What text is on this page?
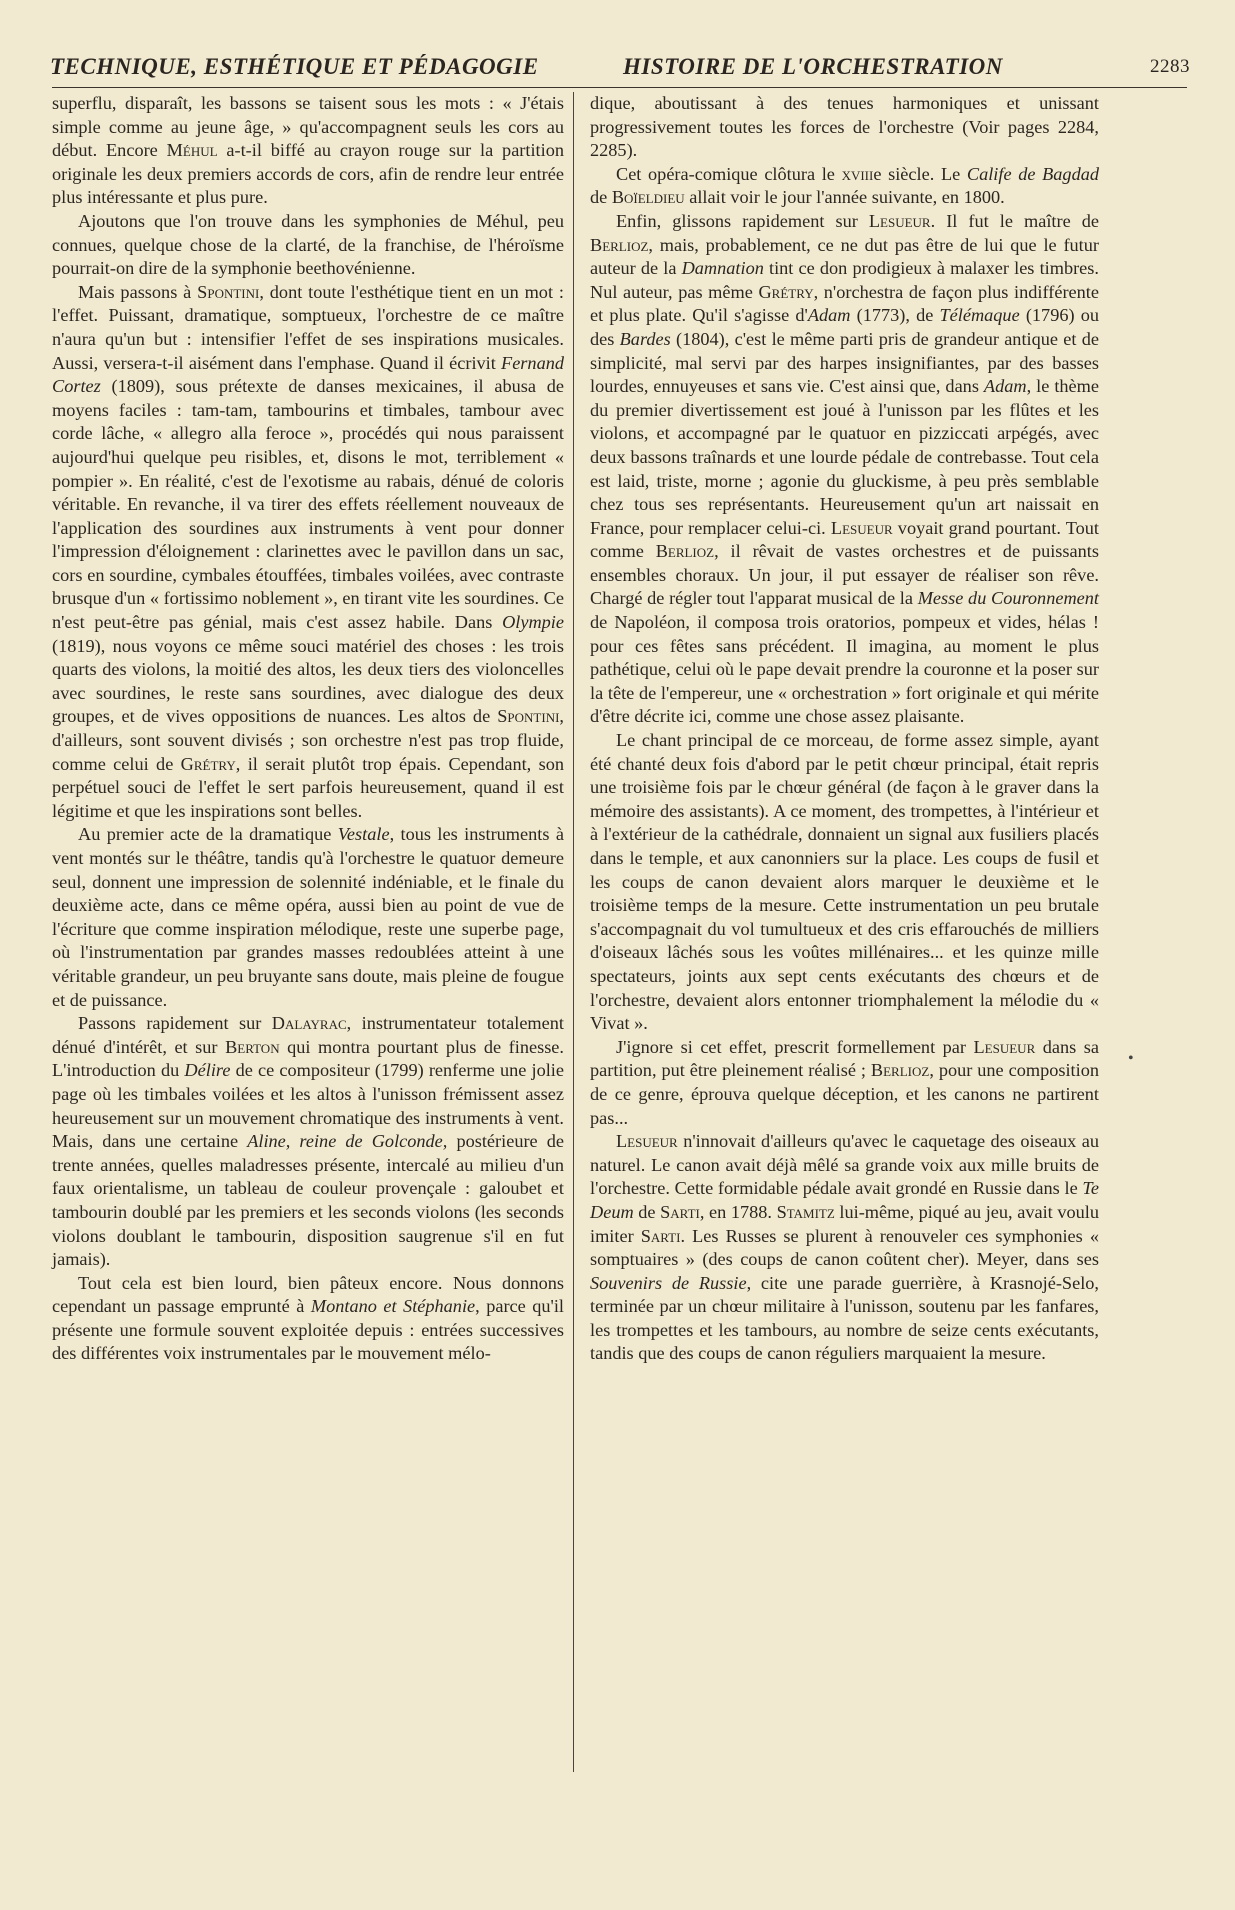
TECHNIQUE, ESTHÉTIQUE ET PÉDAGOGIE	HISTOIRE DE L'ORCHESTRATION	2283

superflu, disparaît, les bassons se taisent sous les mots : « J'étais simple comme au jeune âge, » qu'accompagnent seuls les cors au début. Encore Méhul a-t-il biffé au crayon rouge sur la partition originale les deux premiers accords de cors, afin de rendre leur entrée plus intéressante et plus pure.

Ajoutons que l'on trouve dans les symphonies de Méhul, peu connues, quelque chose de la clarté, de la franchise, de l'héroïsme pourrait-on dire de la symphonie beethovénienne.

Mais passons à Spontini, dont toute l'esthétique tient en un mot : l'effet. Puissant, dramatique, somptueux, l'orchestre de ce maître n'aura qu'un but : intensifier l'effet de ses inspirations musicales. Aussi, versera-t-il aisément dans l'emphase. Quand il écrivit Fernand Cortez (1809), sous prétexte de danses mexicaines, il abusa de moyens faciles : tam-tam, tambourins et timbales, tambour avec corde lâche, « allegro alla feroce », procédés qui nous paraissent aujourd'hui quelque peu risibles, et, disons le mot, terriblement « pompier ». En réalité, c'est de l'exotisme au rabais, dénué de coloris véritable. En revanche, il va tirer des effets réellement nouveaux de l'application des sourdines aux instruments à vent pour donner l'impression d'éloignement : clarinettes avec le pavillon dans un sac, cors en sourdine, cymbales étouffées, timbales voilées, avec contraste brusque d'un « fortissimo noblement », en tirant vite les sourdines. Ce n'est peut-être pas génial, mais c'est assez habile. Dans Olympie (1819), nous voyons ce même souci matériel des choses : les trois quarts des violons, la moitié des altos, les deux tiers des violoncelles avec sourdines, le reste sans sourdines, avec dialogue des deux groupes, et de vives oppositions de nuances. Les altos de Spontini, d'ailleurs, sont souvent divisés ; son orchestre n'est pas trop fluide, comme celui de Grétry, il serait plutôt trop épais. Cependant, son perpétuel souci de l'effet le sert parfois heureusement, quand il est légitime et que les inspirations sont belles.

Au premier acte de la dramatique Vestale, tous les instruments à vent montés sur le théâtre, tandis qu'à l'orchestre le quatuor demeure seul, donnent une impression de solennité indéniable, et le finale du deuxième acte, dans ce même opéra, aussi bien au point de vue de l'écriture que comme inspiration mélodique, reste une superbe page, où l'instrumentation par grandes masses redoublées atteint à une véritable grandeur, un peu bruyante sans doute, mais pleine de fougue et de puissance.

Passons rapidement sur Dalayrac, instrumentateur totalement dénué d'intérêt, et sur Berton qui montra pourtant plus de finesse. L'introduction du Délire de ce compositeur (1799) renferme une jolie page où les timbales voilées et les altos à l'unisson frémissent assez heureusement sur un mouvement chromatique des instruments à vent. Mais, dans une certaine Aline, reine de Golconde, postérieure de trente années, quelles maladresses présente, intercalé au milieu d'un faux orientalisme, un tableau de couleur provençale : galoubet et tambourin doublé par les premiers et les seconds violons (les seconds violons doublant le tambourin, disposition saugrenue s'il en fut jamais).

Tout cela est bien lourd, bien pâteux encore. Nous donnons cependant un passage emprunté à Montano et Stéphanie, parce qu'il présente une formule souvent exploitée depuis : entrées successives des différentes voix instrumentales par le mouvement mélo-

dique, aboutissant à des tenues harmoniques et unissant progressivement toutes les forces de l'orchestre (Voir pages 2284, 2285).

Cet opéra-comique clôtura le xviiie siècle. Le Calife de Bagdad de Boïeldieu allait voir le jour l'année suivante, en 1800.

Enfin, glissons rapidement sur Lesueur. Il fut le maître de Berlioz, mais, probablement, ce ne dut pas être de lui que le futur auteur de la Damnation tint ce don prodigieux à malaxer les timbres. Nul auteur, pas même Grétry, n'orchestra de façon plus indifférente et plus plate. Qu'il s'agisse d'Adam (1773), de Télémaque (1796) ou des Bardes (1804), c'est le même parti pris de grandeur antique et de simplicité, mal servi par des harpes insignifiantes, par des basses lourdes, ennuyeuses et sans vie. C'est ainsi que, dans Adam, le thème du premier divertissement est joué à l'unisson par les flûtes et les violons, et accompagné par le quatuor en pizziccati arpégés, avec deux bassons traînards et une lourde pédale de contrebasse. Tout cela est laid, triste, morne ; agonie du gluckisme, à peu près semblable chez tous ses représentants. Heureusement qu'un art naissait en France, pour remplacer celui-ci. Lesueur voyait grand pourtant. Tout comme Berlioz, il rêvait de vastes orchestres et de puissants ensembles choraux. Un jour, il put essayer de réaliser son rêve. Chargé de régler tout l'apparat musical de la Messe du Couronnement de Napoléon, il composa trois oratorios, pompeux et vides, hélas ! pour ces fêtes sans précédent. Il imagina, au moment le plus pathétique, celui où le pape devait prendre la couronne et la poser sur la tête de l'empereur, une « orchestration » fort originale et qui mérite d'être décrite ici, comme une chose assez plaisante.

Le chant principal de ce morceau, de forme assez simple, ayant été chanté deux fois d'abord par le petit chœur principal, était repris une troisième fois par le chœur général (de façon à le graver dans la mémoire des assistants). A ce moment, des trompettes, à l'intérieur et à l'extérieur de la cathédrale, donnaient un signal aux fusiliers placés dans le temple, et aux canonniers sur la place. Les coups de fusil et les coups de canon devaient alors marquer le deuxième et le troisième temps de la mesure. Cette instrumentation un peu brutale s'accompagnait du vol tumultueux et des cris effarouchés de milliers d'oiseaux lâchés sous les voûtes millénaires... et les quinze mille spectateurs, joints aux sept cents exécutants des chœurs et de l'orchestre, devaient alors entonner triomphalement la mélodie du « Vivat ».

J'ignore si cet effet, prescrit formellement par Lesueur dans sa partition, put être pleinement réalisé ; Berlioz, pour une composition de ce genre, éprouva quelque déception, et les canons ne partirent pas...

Lesueur n'innovait d'ailleurs qu'avec le caquetage des oiseaux au naturel. Le canon avait déjà mêlé sa grande voix aux mille bruits de l'orchestre. Cette formidable pédale avait grondé en Russie dans le Te Deum de Sarti, en 1788. Stamitz lui-même, piqué au jeu, avait voulu imiter Sarti. Les Russes se plurent à renouveler ces symphonies « somptuaires » (des coups de canon coûtent cher). Meyer, dans ses Souvenirs de Russie, cite une parade guerrière, à Krasnojé-Selo, terminée par un chœur militaire à l'unisson, soutenu par les fanfares, les trompettes et les tambours, au nombre de seize cents exécutants, tandis que des coups de canon réguliers marquaient la mesure.

•
